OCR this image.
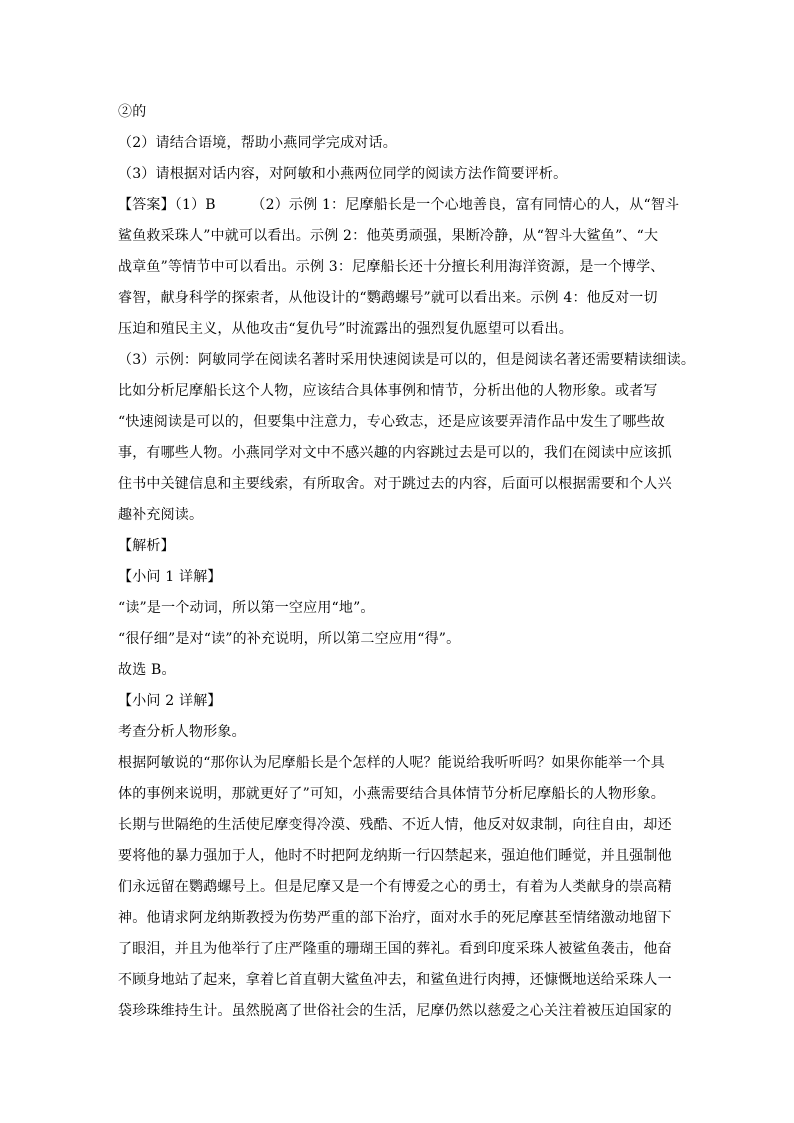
②的
（2）请结合语境，帮助小燕同学完成对话。
（3）请根据对话内容，对阿敏和小燕两位同学的阅读方法作简要评析。
【答案】（1）B　　　（2）示例 1：尼摩船长是一个心地善良，富有同情心的人，从“智斗
鲨鱼救采珠人”中就可以看出。示例 2：他英勇顽强，果断冷静，从“智斗大鲨鱼”、“大
战章鱼”等情节中可以看出。示例 3：尼摩船长还十分擅长利用海洋资源，是一个博学、
睿智，献身科学的探索者，从他设计的“鹦鹉螺号”就可以看出来。示例 4：他反对一切
压迫和殖民主义，从他攻击“复仇号”时流露出的强烈复仇愿望可以看出。
（3）示例：阿敏同学在阅读名著时采用快速阅读是可以的，但是阅读名著还需要精读细读。
比如分析尼摩船长这个人物，应该结合具体事例和情节，分析出他的人物形象。或者写
“快速阅读是可以的，但要集中注意力，专心致志，还是应该要弄清作品中发生了哪些故
事，有哪些人物。小燕同学对文中不感兴趣的内容跳过去是可以的，我们在阅读中应该抓
住书中关键信息和主要线索，有所取舍。对于跳过去的内容，后面可以根据需要和个人兴
趣补充阅读。
【解析】
【小问 1 详解】
“读”是一个动词，所以第一空应用“地”。
“很仔细”是对“读”的补充说明，所以第二空应用“得”。
故选 B。
【小问 2 详解】
考查分析人物形象。
根据阿敏说的“那你认为尼摩船长是个怎样的人呢？能说给我听听吗？如果你能举一个具
体的事例来说明，那就更好了”可知，小燕需要结合具体情节分析尼摩船长的人物形象。
长期与世隔绝的生活使尼摩变得冷漠、残酷、不近人情，他反对奴隶制，向往自由，却还
要将他的暴力强加于人，他时不时把阿龙纳斯一行囚禁起来，强迫他们睡觉，并且强制他
们永远留在鹦鹉螺号上。但是尼摩又是一个有博爱之心的勇士，有着为人类献身的崇高精
神。他请求阿龙纳斯教授为伤势严重的部下治疗，面对水手的死尼摩甚至情绪激动地留下
了眼泪，并且为他举行了庄严隆重的珊瑚王国的葬礼。看到印度采珠人被鲨鱼袭击，他奋
不顾身地站了起来，拿着匕首直朝大鲨鱼冲去，和鲨鱼进行肉搏，还慷慨地送给采珠人一
袋珍珠维持生计。虽然脱离了世俗社会的生活，尼摩仍然以慈爱之心关注着被压迫国家的
